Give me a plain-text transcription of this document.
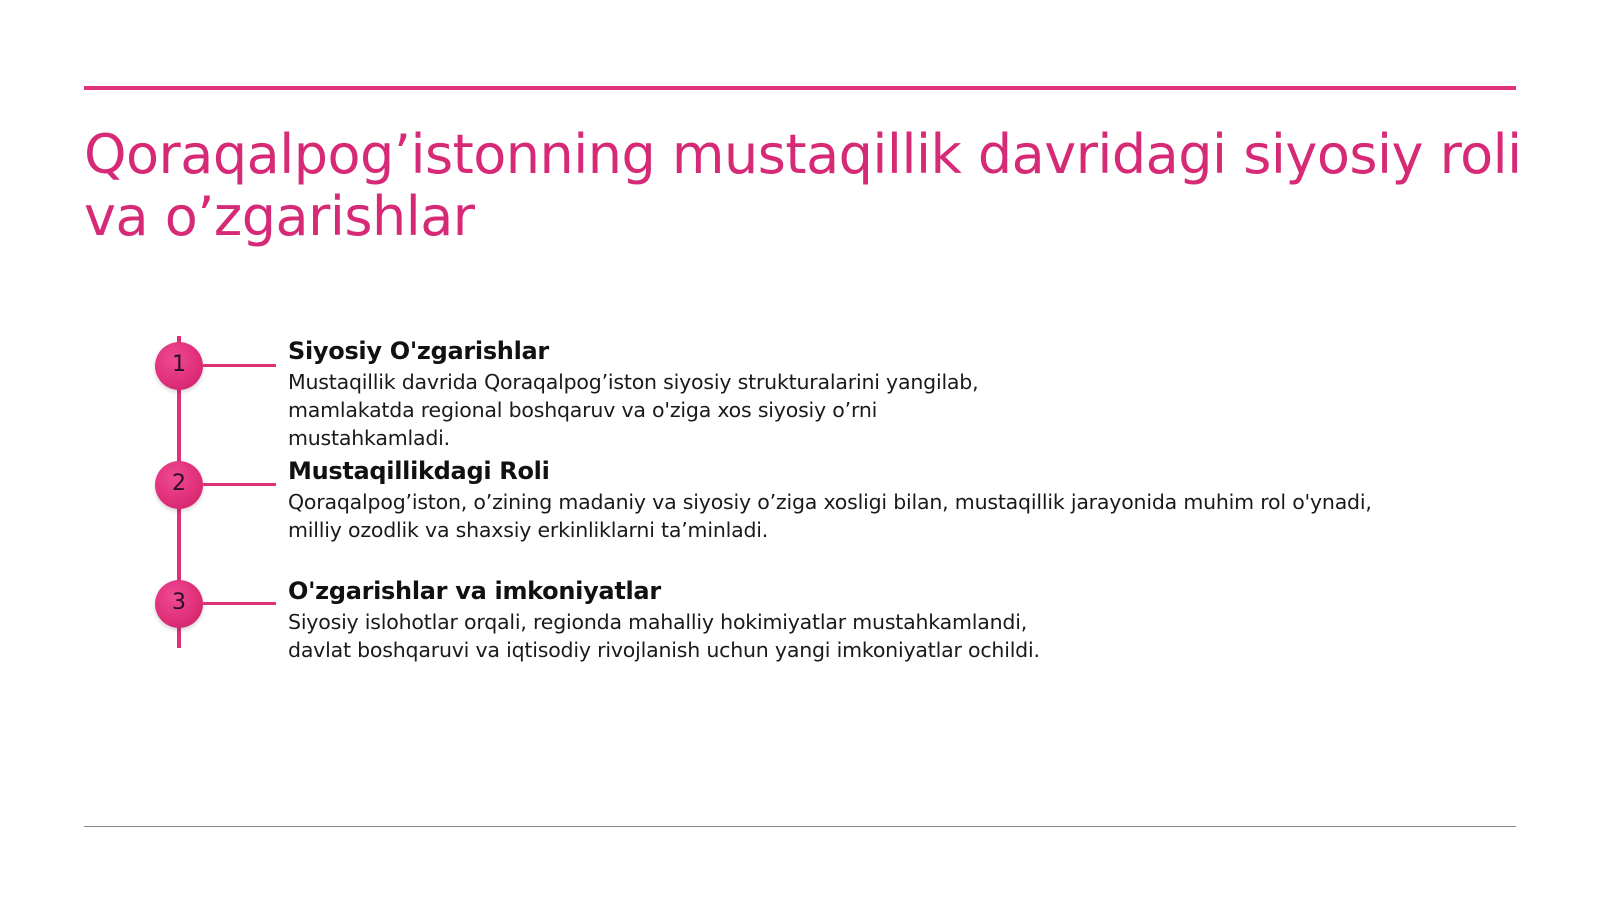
Qoraqalpog’istonning mustaqillik davridagi siyosiy roli va o’zgarishlar
1	Siyosiy O'zgarishlar

Mustaqillik davrida Qoraqalpog’iston siyosiy strukturalarini yangilab,
mamlakatda regional boshqaruv va o'ziga xos siyosiy o’rni
mustahkamladi.

2	Mustaqillikdagi Roli

Qoraqalpog’iston, o’zining madaniy va siyosiy o’ziga xosligi bilan, mustaqillik jarayonida muhim rol o'ynadi,
milliy ozodlik va shaxsiy erkinliklarni ta’minladi.

3	O'zgarishlar va imkoniyatlar

Siyosiy islohotlar orqali, regionda mahalliy hokimiyatlar mustahkamlandi,
davlat boshqaruvi va iqtisodiy rivojlanish uchun yangi imkoniyatlar ochildi.
